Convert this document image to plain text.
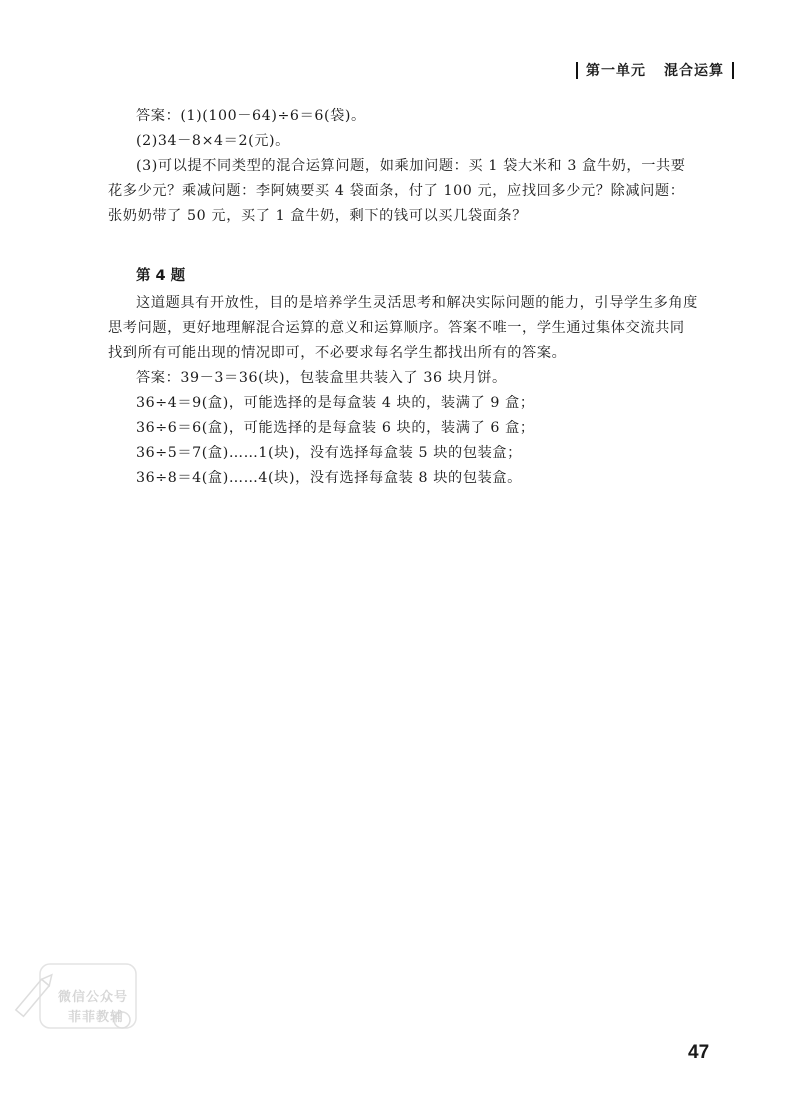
第一单元 混合运算

答案：(1)(100－64)÷6＝6(袋)。

(2)34－8×4＝2(元)。

(3)可以提不同类型的混合运算问题，如乘加问题：买 1 袋大米和 3 盒牛奶，一共要花多少元？乘减问题：李阿姨要买 4 袋面条，付了 100 元，应找回多少元？除减问题：张奶奶带了 50 元，买了 1 盒牛奶，剩下的钱可以买几袋面条？

第 4 题

这道题具有开放性，目的是培养学生灵活思考和解决实际问题的能力，引导学生多角度思考问题，更好地理解混合运算的意义和运算顺序。答案不唯一，学生通过集体交流共同找到所有可能出现的情况即可，不必要求每名学生都找出所有的答案。

答案：39－3＝36(块)，包装盒里共装入了 36 块月饼。

36÷4＝9(盒)，可能选择的是每盒装 4 块的，装满了 9 盒；

36÷6＝6(盒)，可能选择的是每盒装 6 块的，装满了 6 盒；

36÷5＝7(盒)……1(块)，没有选择每盒装 5 块的包装盒；

36÷8＝4(盒)……4(块)，没有选择每盒装 8 块的包装盒。

微信公众号
菲菲教辅
47
